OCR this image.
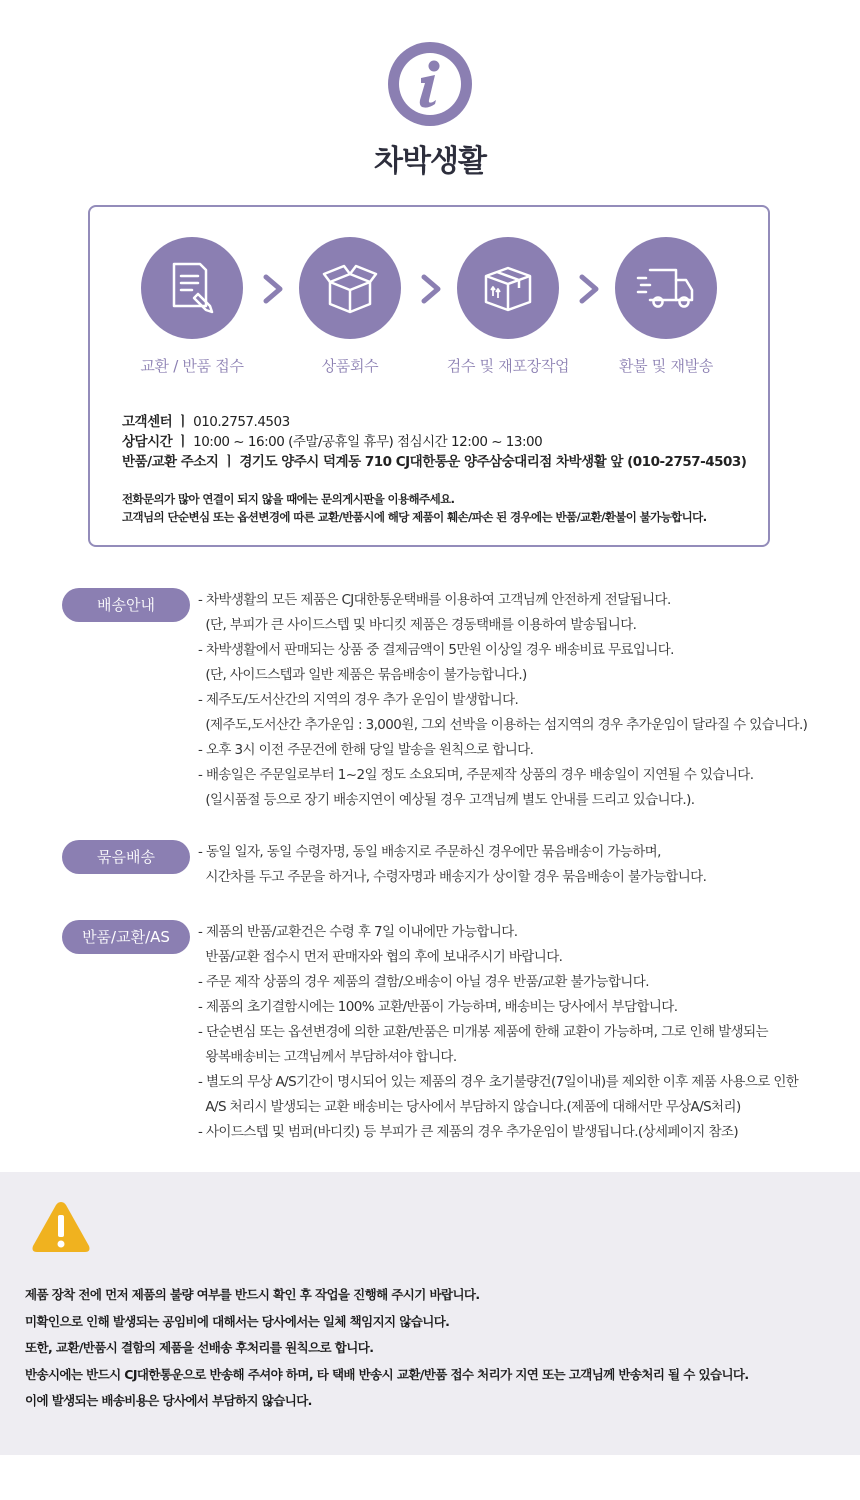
차박생활
교환 / 반품 접수	상품회수	검수 및 재포장작업	환불 및 재발송
고객센터 ㅣ 010.2757.4503
상담시간 ㅣ 10:00 ~ 16:00 (주말/공휴일 휴무) 점심시간 12:00 ~ 13:00
반품/교환 주소지 ㅣ 경기도 양주시 덕계동 710 CJ대한통운 양주삼숭대리점 차박생활 앞 (010-2757-4503)
전화문의가 많아 연결이 되지 않을 때에는 문의게시판을 이용해주세요.
고객님의 단순변심 또는 옵션변경에 따른 교환/반품시에 해당 제품이 훼손/파손 된 경우에는 반품/교환/환불이 불가능합니다.
배송안내	- 차박생활의 모든 제품은 CJ대한통운택배를 이용하여 고객님께 안전하게 전달됩니다.
(단, 부피가 큰 사이드스텝 및 바디킷 제품은 경동택배를 이용하여 발송됩니다.
- 차박생활에서 판매되는 상품 중 결제금액이 5만원 이상일 경우 배송비료 무료입니다.
(단, 사이드스텝과 일반 제품은 묶음배송이 불가능합니다.)
- 제주도/도서산간의 지역의 경우 추가 운임이 발생합니다.
(제주도,도서산간 추가운임 : 3,000원, 그외 선박을 이용하는 섬지역의 경우 추가운임이 달라질 수 있습니다.)
- 오후 3시 이전 주문건에 한해 당일 발송을 원칙으로 합니다.
- 배송일은 주문일로부터 1~2일 정도 소요되며, 주문제작 상품의 경우 배송일이 지연될 수 있습니다.
(일시품절 등으로 장기 배송지연이 예상될 경우 고객님께 별도 안내를 드리고 있습니다.).
묶음배송	- 동일 일자, 동일 수령자명, 동일 배송지로 주문하신 경우에만 묶음배송이 가능하며,
시간차를 두고 주문을 하거나, 수령자명과 배송지가 상이할 경우 묶음배송이 불가능합니다.
반품/교환/AS	- 제품의 반품/교환건은 수령 후 7일 이내에만 가능합니다.
반품/교환 접수시 먼저 판매자와 협의 후에 보내주시기 바랍니다.
- 주문 제작 상품의 경우 제품의 결함/오배송이 아닐 경우 반품/교환 불가능합니다.
- 제품의 초기결함시에는 100% 교환/반품이 가능하며, 배송비는 당사에서 부담합니다.
- 단순변심 또는 옵션변경에 의한 교환/반품은 미개봉 제품에 한해 교환이 가능하며, 그로 인해 발생되는
왕복배송비는 고객님께서 부담하셔야 합니다.
- 별도의 무상 A/S기간이 명시되어 있는 제품의 경우 초기불량건(7일이내)를 제외한 이후 제품 사용으로 인한
A/S 처리시 발생되는 교환 배송비는 당사에서 부담하지 않습니다.(제품에 대해서만 무상A/S처리)
- 사이드스텝 및 범퍼(바디킷) 등 부피가 큰 제품의 경우 추가운임이 발생됩니다.(상세페이지 참조)
제품 장착 전에 먼저 제품의 불량 여부를 반드시 확인 후 작업을 진행해 주시기 바랍니다.
미확인으로 인해 발생되는 공임비에 대해서는 당사에서는 일체 책임지지 않습니다.
또한, 교환/반품시 결함의 제품을 선배송 후처리를 원칙으로 합니다.
반송시에는 반드시 CJ대한통운으로 반송해 주셔야 하며, 타 택배 반송시 교환/반품 접수 처리가 지연 또는 고객님께 반송처리 될 수 있습니다.
이에 발생되는 배송비용은 당사에서 부담하지 않습니다.
